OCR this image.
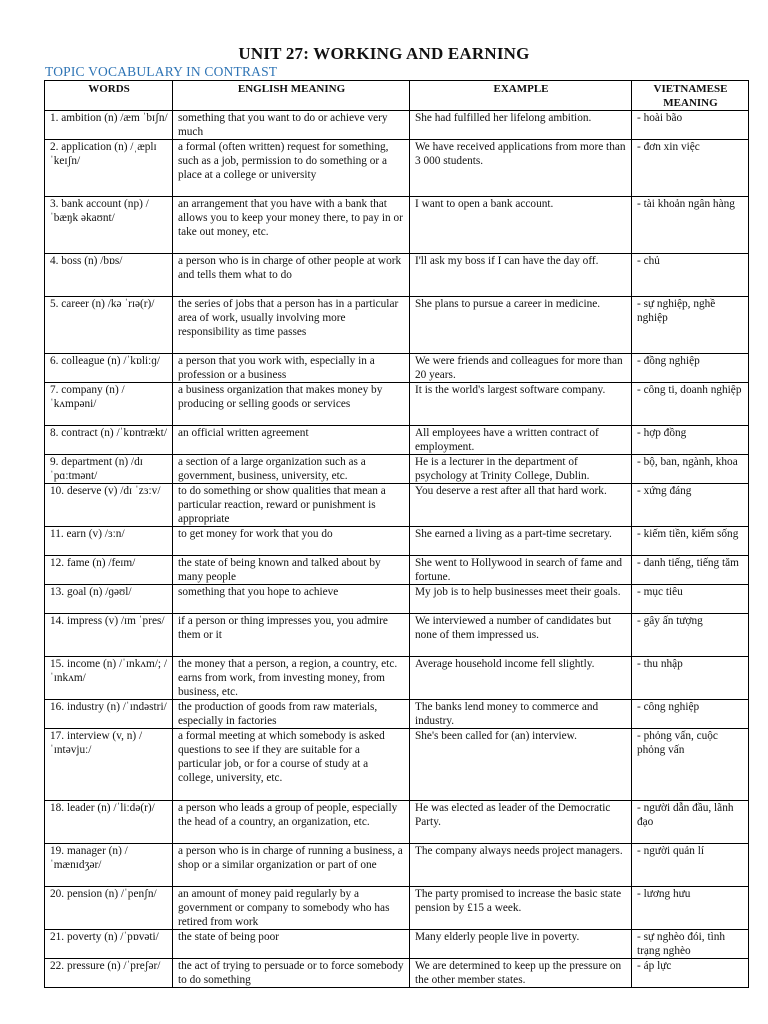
UNIT 27: WORKING AND EARNING
TOPIC VOCABULARY IN CONTRAST
WORDS	ENGLISH MEANING	EXAMPLE	VIETNAMESE MEANING
1. ambition (n) /æm ˈbɪʃn/	something that you want to do or achieve very much	She had fulfilled her lifelong ambition.	- hoài bão
2. application (n) /ˌæplɪˈkeɪʃn/	a formal (often written) request for something, such as a job, permission to do something or a place at a college or university	We have received applications from more than 3 000 students.	- đơn xin việc
3. bank account (np) /ˈbæŋk əkaʊnt/	an arrangement that you have with a bank that allows you to keep your money there, to pay in or take out money, etc.	I want to open a bank account.	- tài khoản ngân hàng
4. boss (n) /bɒs/	a person who is in charge of other people at work and tells them what to do	I'll ask my boss if I can have the day off.	- chủ
5. career (n) /kə ˈrɪə(r)/	the series of jobs that a person has in a particular area of work, usually involving more responsibility as time passes	She plans to pursue a career in medicine.	- sự nghiệp, nghề nghiệp
6. colleague (n) /ˈkɒliːɡ/	a person that you work with, especially in a profession or a business	We were friends and colleagues for more than 20 years.	- đồng nghiệp
7. company (n) /ˈkʌmpəni/	a business organization that makes money by producing or selling goods or services	It is the world's largest software company.	- công ti, doanh nghiệp
8. contract (n) /ˈkɒntrækt/	an official written agreement	All employees have a written contract of employment.	- hợp đồng
9. department (n) /dɪˈpɑːtmənt/	a section of a large organization such as a government, business, university, etc.	He is a lecturer in the department of psychology at Trinity College, Dublin.	- bộ, ban, ngành, khoa
10. deserve (v) /dɪ ˈzɜːv/	to do something or show qualities that mean a particular reaction, reward or punishment is appropriate	You deserve a rest after all that hard work.	- xứng đáng
11. earn (v) /ɜːn/	to get money for work that you do	She earned a living as a part-time secretary.	- kiếm tiền, kiếm sống
12. fame (n) /feɪm/	the state of being known and talked about by many people	She went to Hollywood in search of fame and fortune.	- danh tiếng, tiếng tăm
13. goal (n) /ɡəʊl/	something that you hope to achieve	My job is to help businesses meet their goals.	- mục tiêu
14. impress (v) /ɪm ˈpres/	if a person or thing impresses you, you admire them or it	We interviewed a number of candidates but none of them impressed us.	- gây ấn tượng
15. income (n) /ˈɪnkʌm/; /ˈɪnkʌm/	the money that a person, a region, a country, etc. earns from work, from investing money, from business, etc.	Average household income fell slightly.	- thu nhập
16. industry (n) /ˈɪndəstri/	the production of goods from raw materials, especially in factories	The banks lend money to commerce and industry.	- công nghiệp
17. interview (v, n) /ˈɪntəvjuː/	a formal meeting at which somebody is asked questions to see if they are suitable for a particular job, or for a course of study at a college, university, etc.	She's been called for (an) interview.	- phỏng vấn, cuộc phỏng vấn
18. leader (n) /ˈliːdə(r)/	a person who leads a group of people, especially the head of a country, an organization, etc.	He was elected as leader of the Democratic Party.	- người dẫn đầu, lãnh đạo
19. manager (n) /ˈmænɪdʒər/	a person who is in charge of running a business, a shop or a similar organization or part of one	The company always needs project managers.	- người quản lí
20. pension (n) /ˈpenʃn/	an amount of money paid regularly by a government or company to somebody who has retired from work	The party promised to increase the basic state pension by £15 a week.	- lương hưu
21. poverty (n) /ˈpɒvəti/	the state of being poor	Many elderly people live in poverty.	- sự nghèo đói, tình trạng nghèo
22. pressure (n) /ˈpreʃər/	the act of trying to persuade or to force somebody to do something	We are determined to keep up the pressure on the other member states.	- áp lực
